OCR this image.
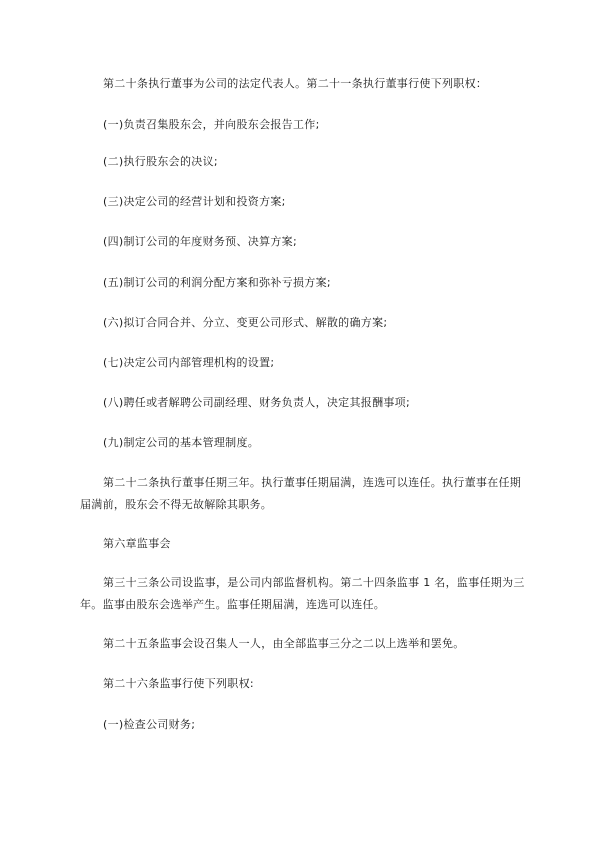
第二十条执行董事为公司的法定代表人。第二十一条执行董事行使下列职权：
(一)负责召集股东会，并向股东会报告工作;
(二)执行股东会的决议;
(三)决定公司的经营计划和投资方案;
(四)制订公司的年度财务预、决算方案;
(五)制订公司的利润分配方案和弥补亏损方案;
(六)拟订合同合并、分立、变更公司形式、解散的确方案;
(七)决定公司内部管理机构的设置;
(八)聘任或者解聘公司副经理、财务负责人，决定其报酬事项;
(九)制定公司的基本管理制度。
第二十二条执行董事任期三年。执行董事任期届满，连选可以连任。执行董事在任期届满前，股东会不得无故解除其职务。
第六章监事会
第三十三条公司设监事，是公司内部监督机构。第二十四条监事 1 名，监事任期为三年。监事由股东会选举产生。监事任期届满，连选可以连任。
第二十五条监事会设召集人一人，由全部监事三分之二以上选举和罢免。
第二十六条监事行使下列职权:
(一)检查公司财务;
